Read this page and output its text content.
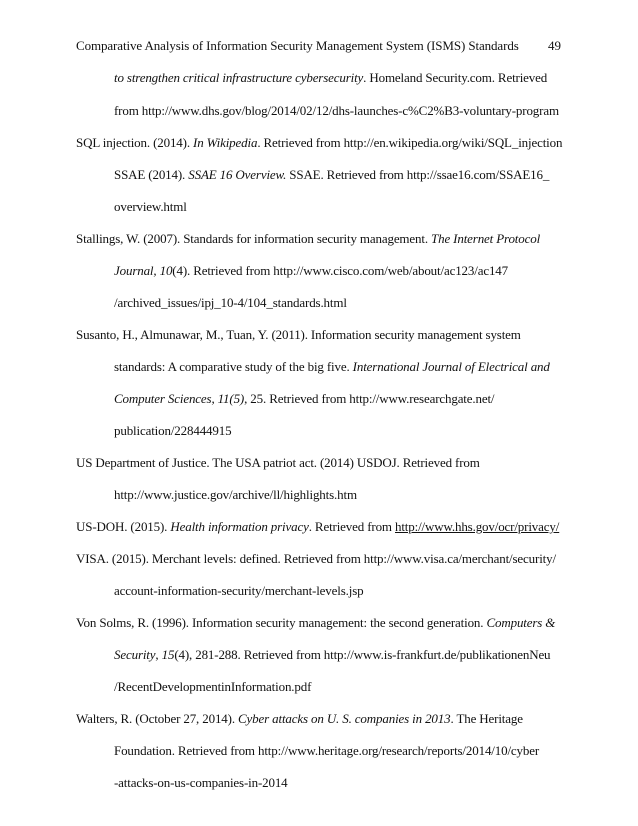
Comparative Analysis of Information Security Management System (ISMS) Standards 49
to strengthen critical infrastructure cybersecurity. Homeland Security.com. Retrieved
from http://www.dhs.gov/blog/2014/02/12/dhs-launches-c%C2%B3-voluntary-program
SQL injection. (2014). In Wikipedia. Retrieved from http://en.wikipedia.org/wiki/SQL_injection
SSAE (2014). SSAE 16 Overview. SSAE. Retrieved from http://ssae16.com/SSAE16_
overview.html
Stallings, W. (2007). Standards for information security management. The Internet Protocol
Journal, 10(4). Retrieved from http://www.cisco.com/web/about/ac123/ac147
/archived_issues/ipj_10-4/104_standards.html
Susanto, H., Almunawar, M., Tuan, Y. (2011). Information security management system
standards: A comparative study of the big five. International Journal of Electrical and
Computer Sciences, 11(5), 25. Retrieved from http://www.researchgate.net/
publication/228444915
US Department of Justice. The USA patriot act. (2014) USDOJ. Retrieved from
http://www.justice.gov/archive/ll/highlights.htm
US-DOH. (2015). Health information privacy. Retrieved from http://www.hhs.gov/ocr/privacy/
VISA. (2015). Merchant levels: defined. Retrieved from http://www.visa.ca/merchant/security/
account-information-security/merchant-levels.jsp
Von Solms, R. (1996). Information security management: the second generation. Computers &
Security, 15(4), 281-288. Retrieved from http://www.is-frankfurt.de/publikationenNeu
/RecentDevelopmentinInformation.pdf
Walters, R. (October 27, 2014). Cyber attacks on U. S. companies in 2013. The Heritage
Foundation. Retrieved from http://www.heritage.org/research/reports/2014/10/cyber
-attacks-on-us-companies-in-2014
